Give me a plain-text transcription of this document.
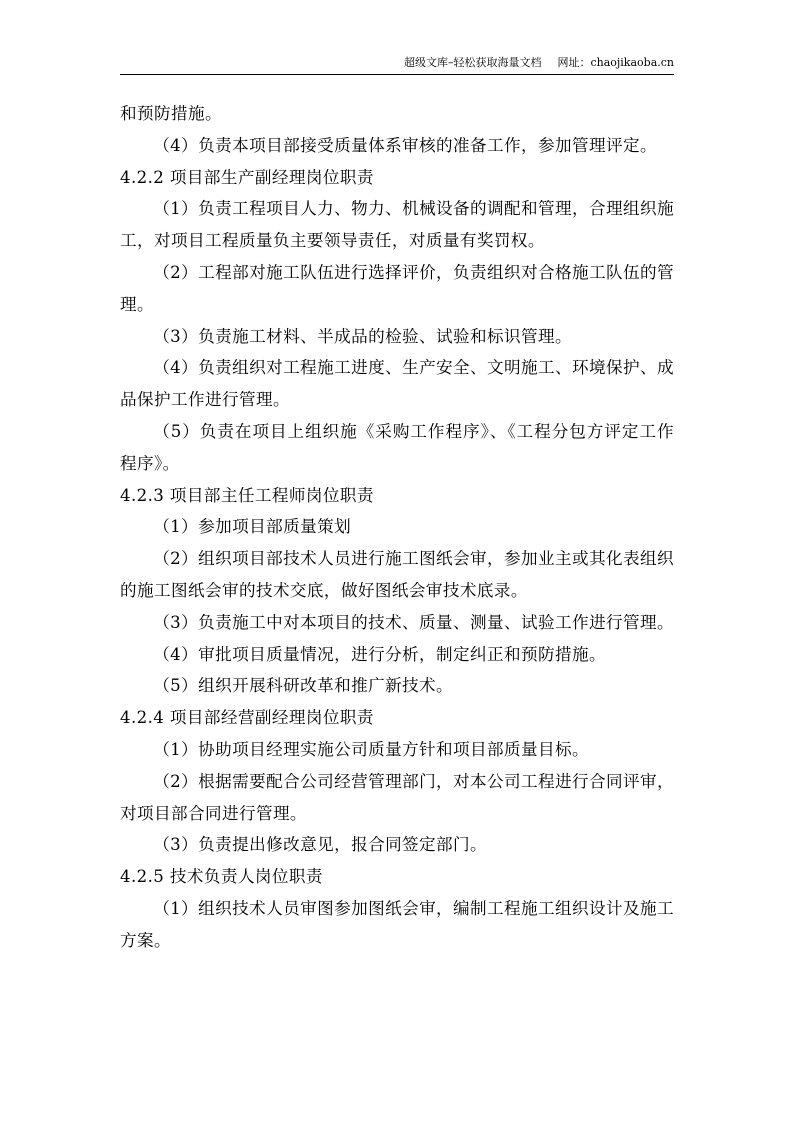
超级文库–轻松获取海量文档 网址：chaojikaoba.cn

和预防措施。

（4）负责本项目部接受质量体系审核的准备工作，参加管理评定。

4.2.2 项目部生产副经理岗位职责

（1）负责工程项目人力、物力、机械设备的调配和管理，合理组织施工，对项目工程质量负主要领导责任，对质量有奖罚权。

（2）工程部对施工队伍进行选择评价，负责组织对合格施工队伍的管理。

（3）负责施工材料、半成品的检验、试验和标识管理。

（4）负责组织对工程施工进度、生产安全、文明施工、环境保护、成品保护工作进行管理。

（5）负责在项目上组织施《采购工作程序》、《工程分包方评定工作程序》。

4.2.3 项目部主任工程师岗位职责

（1）参加项目部质量策划

（2）组织项目部技术人员进行施工图纸会审，参加业主或其化表组织的施工图纸会审的技术交底，做好图纸会审技术底录。

（3）负责施工中对本项目的技术、质量、测量、试验工作进行管理。

（4）审批项目质量情况，进行分析，制定纠正和预防措施。

（5）组织开展科研改革和推广新技术。

4.2.4 项目部经营副经理岗位职责

（1）协助项目经理实施公司质量方针和项目部质量目标。

（2）根据需要配合公司经营管理部门，对本公司工程进行合同评审，对项目部合同进行管理。

（3）负责提出修改意见，报合同签定部门。

4.2.5 技术负责人岗位职责

（1）组织技术人员审图参加图纸会审，编制工程施工组织设计及施工方案。
